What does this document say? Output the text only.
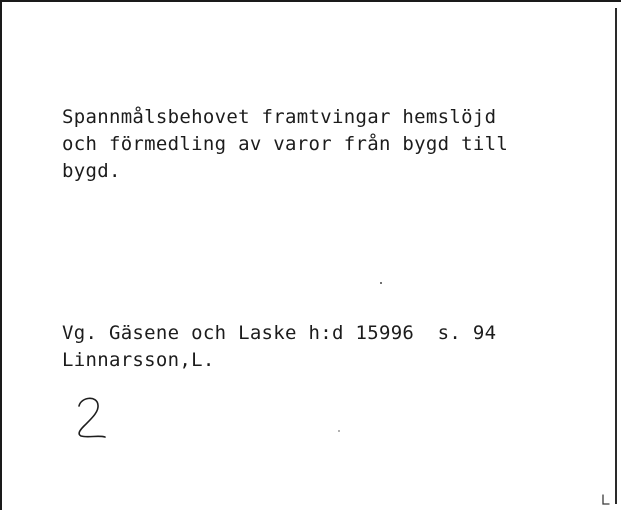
Spannmålsbehovet framtvingar hemslöjd
och förmedling av varor från bygd till
bygd.
Vg. Gäsene och Laske h:d 15996  s. 94
Linnarsson,L.
